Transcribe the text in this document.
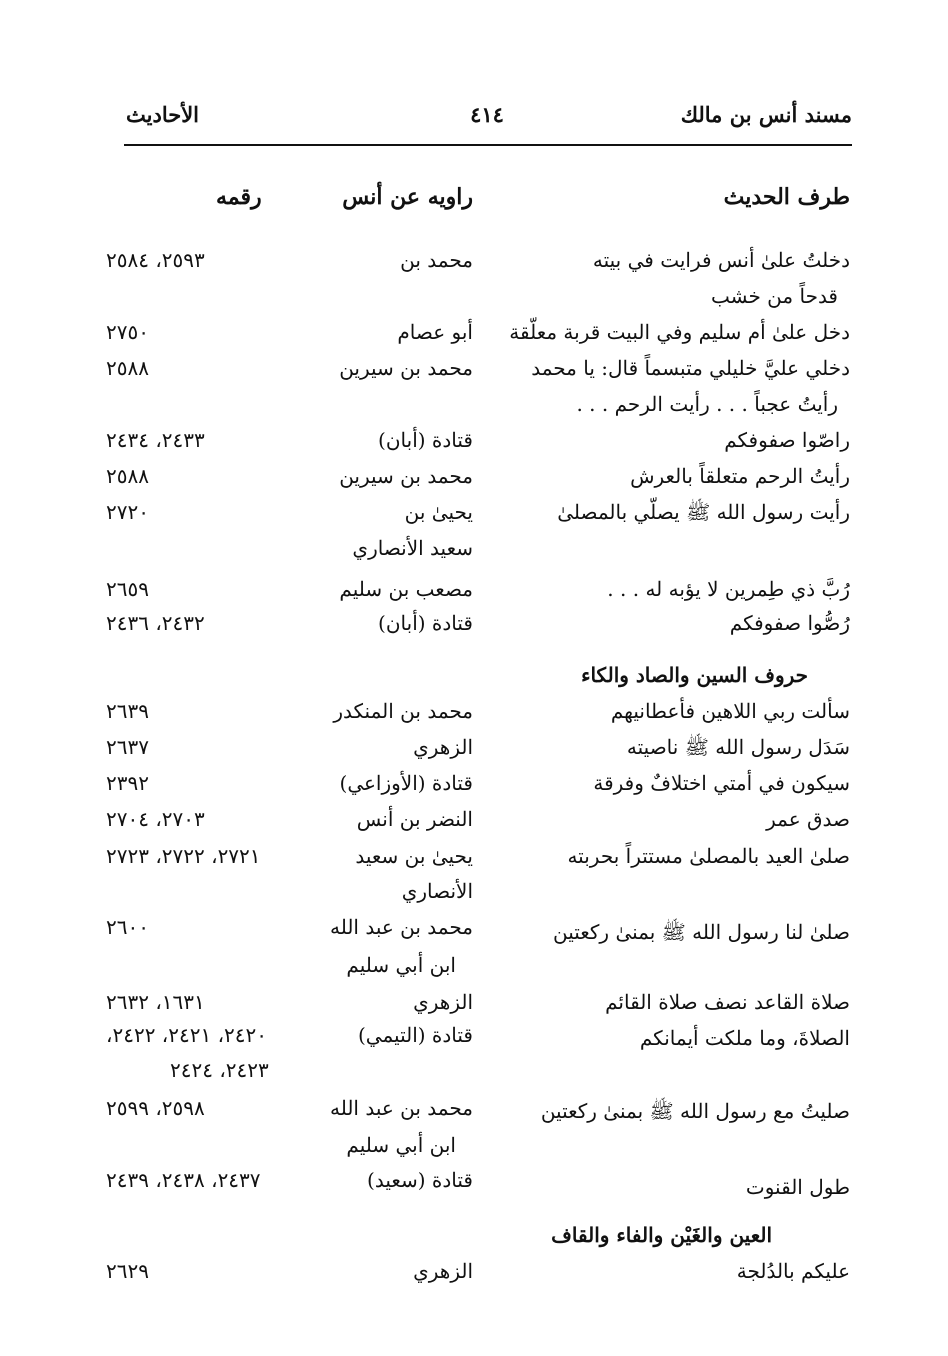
مسند أنس بن مالك
٤١٤
الأحاديث
طرف الحديث
راويه عن أنس
رقمه
دخلتُ علىٰ أنس فرايت في بيته
محمد بن
٢٥٩٣، ٢٥٨٤
قدحاً من خشب
دخل علىٰ أم سليم وفي البيت قربة معلّقة
أبو عصام
٢٧٥٠
دخلي عليَّ خليلي متبسماً قال: يا محمد
محمد بن سيرين
٢٥٨٨
رأيتُ عجباً . . . رأيت الرحم . . .
راصّوا صفوفكم
قتادة (أبان)
٢٤٣٣، ٢٤٣٤
رأيتُ الرحم متعلقاً بالعرش
محمد بن سيرين
٢٥٨٨
رأيت رسول الله ﷺ يصلّي بالمصلىٰ
يحيىٰ بن
٢٧٢٠
سعيد الأنصاري
رُبَّ ذي طِمرين لا يؤبه له . . .
مصعب بن سليم
٢٦٥٩
رُصُّوا صفوفكم
قتادة (أبان)
٢٤٣٢، ٢٤٣٦
حروف السين والصاد والكاء
سألت ربي اللاهين فأعطانيهم
محمد بن المنكدر
٢٦٣٩
سَدَل رسول الله ﷺ ناصيته
الزهري
٢٦٣٧
سيكون في أمتي اختلافٌ وفرقة
قتادة (الأوزاعي)
٢٣٩٢
صدق عمر
النضر بن أنس
٢٧٠٣، ٢٧٠٤
صلىٰ العيد بالمصلىٰ مستتراً بحربته
يحيىٰ بن سعيد
٢٧٢١، ٢٧٢٢، ٢٧٢٣
الأنصاري
صلىٰ لنا رسول الله ﷺ بمنىٰ ركعتين
محمد بن عبد الله
٢٦٠٠
ابن أبي سليم
صلاة القاعد نصف صلاة القائم
الزهري
١٦٣١، ٢٦٣٢
الصلاةَ، وما ملكت أيمانكم
قتادة (التيمي)
٢٤٢٠، ٢٤٢١، ٢٤٢٢،
٢٤٢٣، ٢٤٢٤
صليتُ مع رسول الله ﷺ بمنىٰ ركعتين
محمد بن عبد الله
٢٥٩٨، ٢٥٩٩
ابن أبي سليم
طول القنوت
قتادة (سعيد)
٢٤٣٧، ٢٤٣٨، ٢٤٣٩
العين والغَيْن والفاء والقاف
عليكم بالدُلجة
الزهري
٢٦٢٩
